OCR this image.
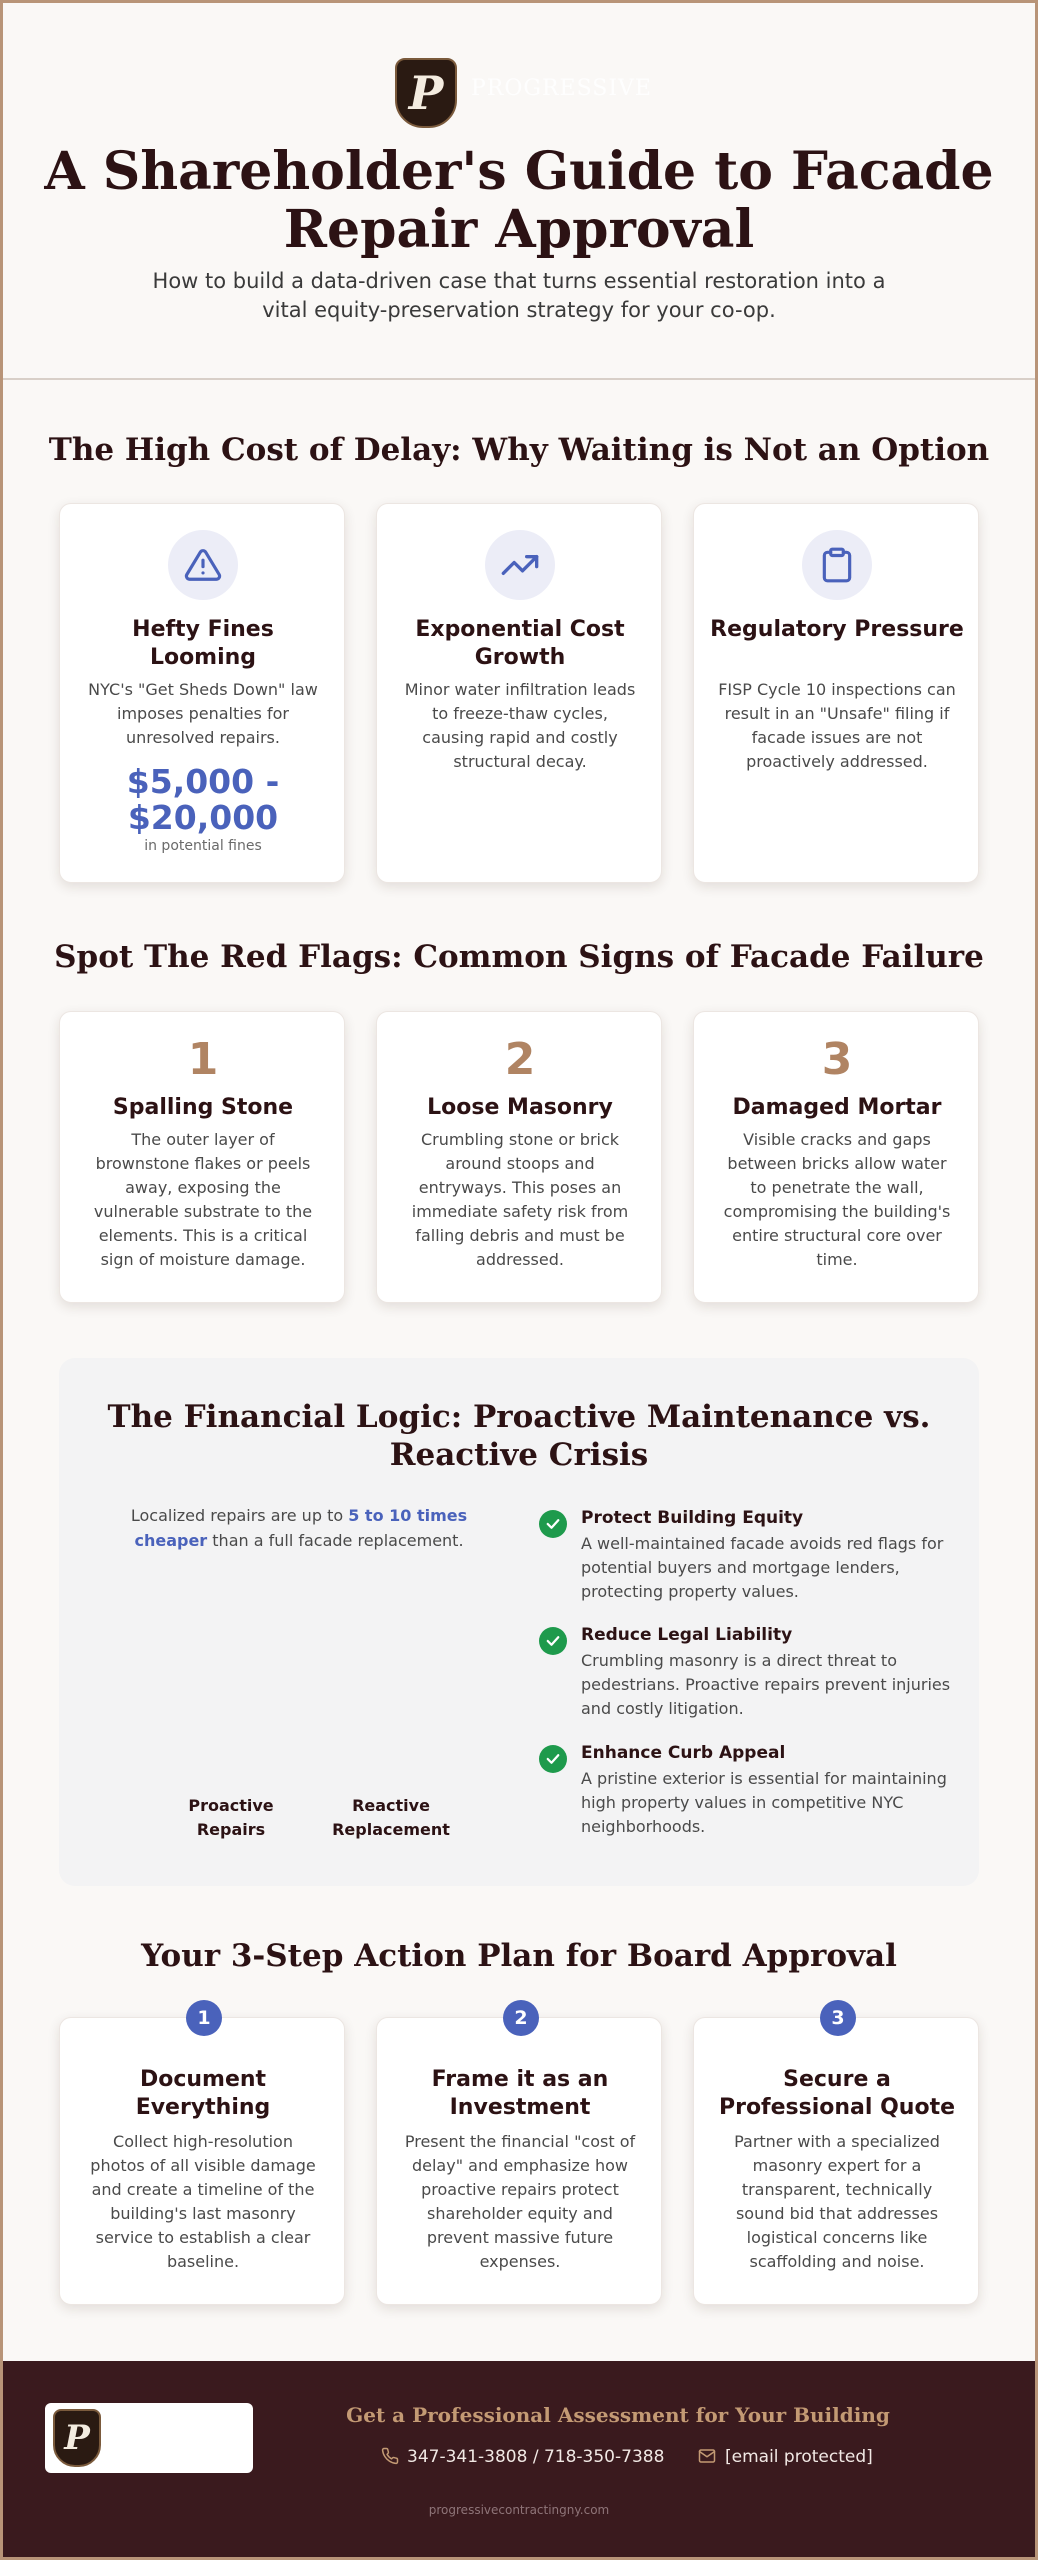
P	PROGRESSIVE
A Shareholder's Guide to Facade Repair Approval

How to build a data-driven case that turns essential restoration into a vital equity-preservation strategy for your co-op.

The High Cost of Delay: Why Waiting is Not an Option
Hefty Fines Looming

NYC's "Get Sheds Down" law imposes penalties for unresolved repairs.

$5,000 - $20,000
in potential fines
Exponential Cost Growth

Minor water infiltration leads to freeze-thaw cycles, causing rapid and costly structural decay.

Regulatory Pressure

FISP Cycle 10 inspections can result in an "Unsafe" filing if facade issues are not proactively addressed.

Spot The Red Flags: Common Signs of Facade Failure
1
Spalling Stone

The outer layer of brownstone flakes or peels away, exposing the vulnerable substrate to the elements. This is a critical sign of moisture damage.

2
Loose Masonry

Crumbling stone or brick around stoops and entryways. This poses an immediate safety risk from falling debris and must be addressed.

3
Damaged Mortar

Visible cracks and gaps between bricks allow water to penetrate the wall, compromising the building's entire structural core over time.

The Financial Logic: Proactive Maintenance vs. Reactive Crisis
Localized repairs are up to 5 to 10 times cheaper than a full facade replacement.
Proactive Repairs
Reactive Replacement
Protect Building Equity

A well-maintained facade avoids red flags for potential buyers and mortgage lenders, protecting property values.

Reduce Legal Liability

Crumbling masonry is a direct threat to pedestrians. Proactive repairs prevent injuries and costly litigation.

Enhance Curb Appeal

A pristine exterior is essential for maintaining high property values in competitive NYC neighborhoods.

Your 3-Step Action Plan for Board Approval
1
Document Everything

Collect high-resolution photos of all visible damage and create a timeline of the building's last masonry service to establish a clear baseline.

2
Frame it as an Investment

Present the financial "cost of delay" and emphasize how proactive repairs protect shareholder equity and prevent massive future expenses.

3
Secure a Professional Quote

Partner with a specialized masonry expert for a transparent, technically sound bid that addresses logistical concerns like scaffolding and noise.

P
Get a Professional Assessment for Your Building
347-341-3808 / 718-350-7388	[email protected]
progressivecontractingny.com
